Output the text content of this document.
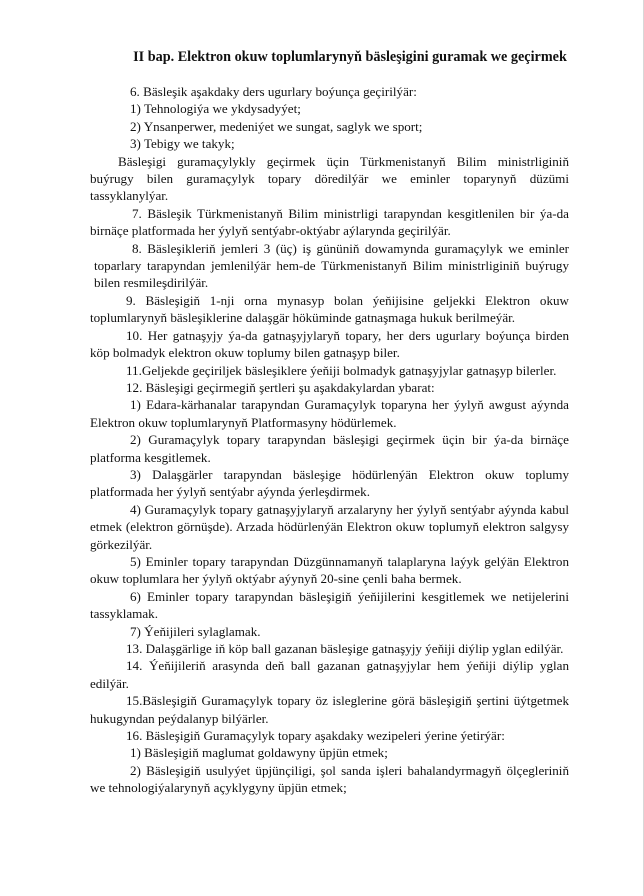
II bap. Elektron okuw toplumlarynyň bäsleşigini guramak we geçirmek

6. Bäsleşik aşakdaky ders ugurlary boýunça geçirilýär:

1) Tehnologiýa we ykdysadyýet;

2) Ynsanperwer, medeniýet we sungat, saglyk we sport;

3) Tebigy we takyk;

Bäsleşigi guramaçylykly geçirmek üçin Türkmenistanyň Bilim ministrliginiň buýrugy bilen guramaçylyk topary döredilýär we eminler toparynyň düzümi tassyklanylýar.

7. Bäsleşik Türkmenistanyň Bilim ministrligi tarapyndan kesgitlenilen bir ýa-da birnäçe platformada her ýylyň sentýabr-oktýabr aýlarynda geçirilýär.

8. Bäsleşikleriň jemleri 3 (üç) iş gününiň dowamynda guramaçylyk we eminler toparlary tarapyndan jemlenilýär hem-de Türkmenistanyň Bilim ministrliginiň buýrugy bilen resmileşdirilýär.

9. Bäsleşigiň 1-nji orna mynasyp bolan ýeňijisine geljekki Elektron okuw toplumlarynyň bäsleşiklerine dalaşgär höküminde gatnaşmaga hukuk berilmeýär.

10. Her gatnaşyjy ýa-da gatnaşyjylaryň topary, her ders ugurlary boýunça birden köp bolmadyk elektron okuw toplumy bilen gatnaşyp biler.

11.Geljekde geçiriljek bäsleşiklere ýeňiji bolmadyk gatnaşyjylar gatnaşyp bilerler.

12. Bäsleşigi geçirmegiň şertleri şu aşakdakylardan ybarat:

1) Edara-kärhanalar tarapyndan Guramaçylyk toparyna her ýylyň awgust aýynda Elektron okuw toplumlarynyň Platformasyny hödürlemek.

2) Guramaçylyk topary tarapyndan bäsleşigi geçirmek üçin bir ýa-da birnäçe platforma kesgitlemek.

3) Dalaşgärler tarapyndan bäsleşige hödürlenýän Elektron okuw toplumy platformada her ýylyň sentýabr aýynda ýerleşdirmek.

4) Guramaçylyk topary gatnaşyjylaryň arzalaryny her ýylyň sentýabr aýynda kabul etmek (elektron görnüşde). Arzada hödürlenýän Elektron okuw toplumyň elektron salgysy görkezilýär.

5) Eminler topary tarapyndan Düzgünnamanyň talaplaryna laýyk gelýän Elektron okuw toplumlara her ýylyň oktýabr aýynyň 20-sine çenli baha bermek.

6) Eminler topary tarapyndan bäsleşigiň ýeňijilerini kesgitlemek we netijelerini tassyklamak.

7) Ýeňijileri sylaglamak.

13. Dalaşgärlige iň köp ball gazanan bäsleşige gatnaşyjy ýeňiji diýlip yglan edilýär.

14. Ýeňijileriň arasynda deň ball gazanan gatnaşyjylar hem ýeňiji diýlip yglan edilýär.

15.Bäsleşigiň Guramaçylyk topary öz isleglerine görä bäsleşigiň şertini üýtgetmek hukugyndan peýdalanyp bilýärler.

16. Bäsleşigiň Guramaçylyk topary aşakdaky wezipeleri ýerine ýetirýär:

1) Bäsleşigiň maglumat goldawyny üpjün etmek;

2) Bäsleşigiň usulyýet üpjünçiligi, şol sanda işleri bahalandyrmagyň ölçegleriniň we tehnologiýalarynyň açyklygyny üpjün etmek;
